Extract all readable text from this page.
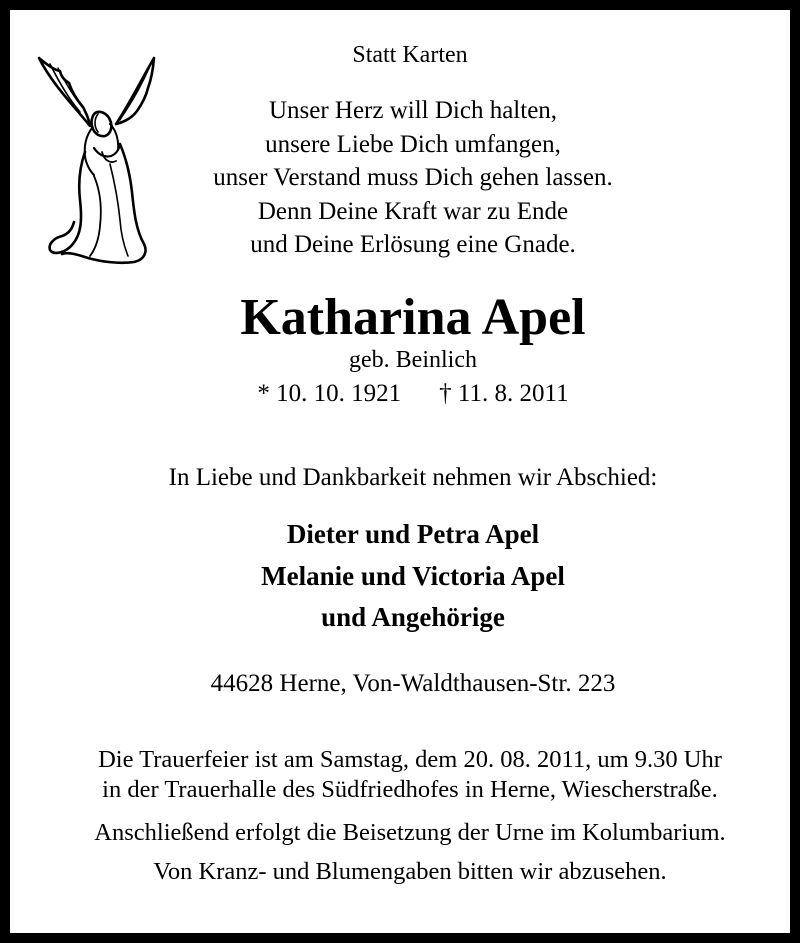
Statt Karten
Unser Herz will Dich halten,
unsere Liebe Dich umfangen,
unser Verstand muss Dich gehen lassen.
Denn Deine Kraft war zu Ende
und Deine Erlösung eine Gnade.
Katharina Apel
geb. Beinlich
* 10. 10. 1921 † 11. 8. 2011
In Liebe und Dankbarkeit nehmen wir Abschied:
Dieter und Petra Apel
Melanie und Victoria Apel
und Angehörige
44628 Herne, Von-Waldthausen-Str. 223
Die Trauerfeier ist am Samstag, dem 20. 08. 2011, um 9.30 Uhr
in der Trauerhalle des Südfriedhofes in Herne, Wiescherstraße.
Anschließend erfolgt die Beisetzung der Urne im Kolumbarium.
Von Kranz- und Blumengaben bitten wir abzusehen.
